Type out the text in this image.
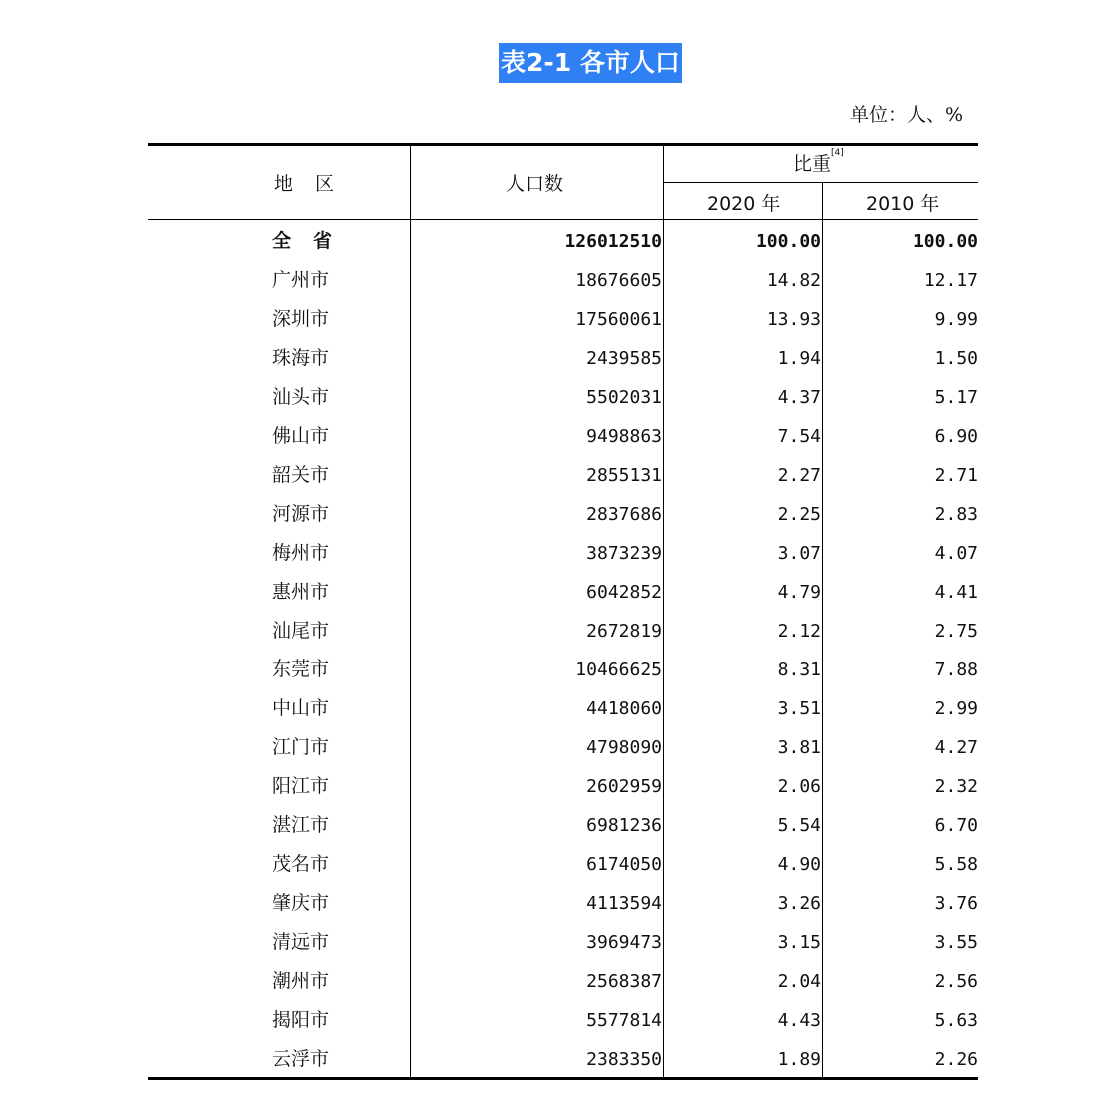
表2-1 各市人口
单位：人、%
地区	人口数
比重[4]
2020 年	2010 年
全省	126012510	100.00	100.00
广州市	18676605	14.82	12.17
深圳市	17560061	13.93	9.99
珠海市	2439585	1.94	1.50
汕头市	5502031	4.37	5.17
佛山市	9498863	7.54	6.90
韶关市	2855131	2.27	2.71
河源市	2837686	2.25	2.83
梅州市	3873239	3.07	4.07
惠州市	6042852	4.79	4.41
汕尾市	2672819	2.12	2.75
东莞市	10466625	8.31	7.88
中山市	4418060	3.51	2.99
江门市	4798090	3.81	4.27
阳江市	2602959	2.06	2.32
湛江市	6981236	5.54	6.70
茂名市	6174050	4.90	5.58
肇庆市	4113594	3.26	3.76
清远市	3969473	3.15	3.55
潮州市	2568387	2.04	2.56
揭阳市	5577814	4.43	5.63
云浮市	2383350	1.89	2.26
